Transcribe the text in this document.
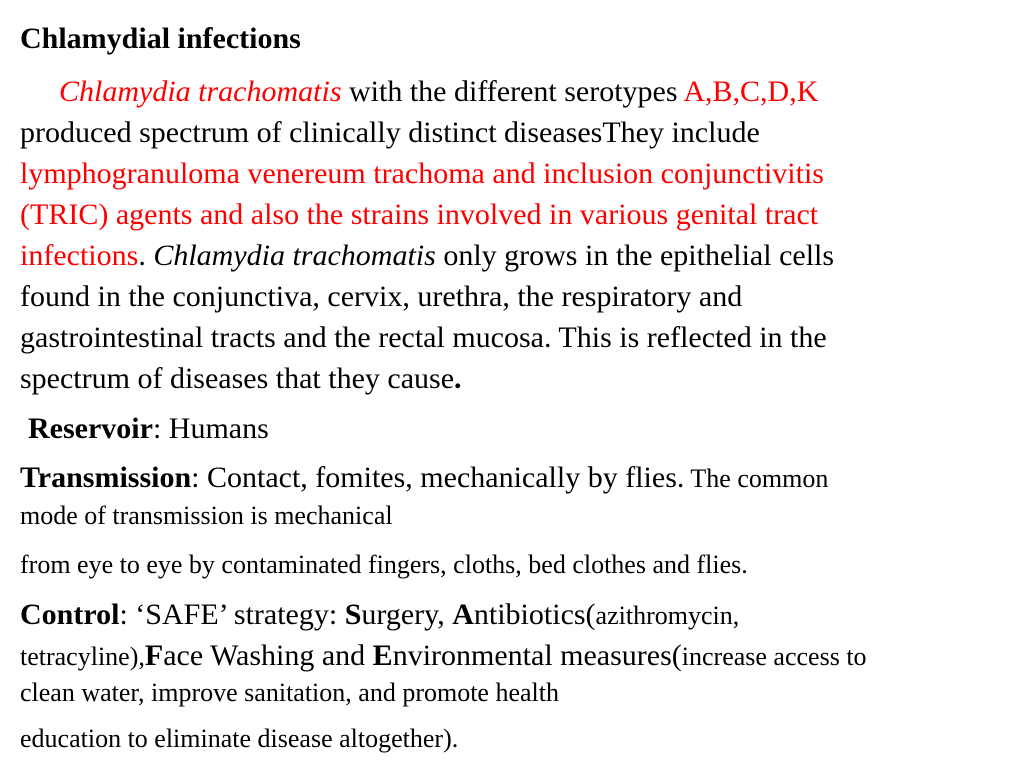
Chlamydial infections
Chlamydia trachomatis with the different serotypes A,B,C,D,K
produced spectrum of clinically distinct diseasesThey include
lymphogranuloma venereum trachoma and inclusion conjunctivitis
(TRIC) agents and also the strains involved in various genital tract
infections. Chlamydia trachomatis only grows in the epithelial cells
found in the conjunctiva, cervix, urethra, the respiratory and
gastrointestinal tracts and the rectal mucosa. This is reflected in the
spectrum of diseases that they cause.
Reservoir: Humans
Transmission: Contact, fomites, mechanically by flies. The common
mode of transmission is mechanical
from eye to eye by contaminated fingers, cloths, bed clothes and flies.
Control: ‘SAFE’ strategy: Surgery, Antibiotics(azithromycin,
tetracyline),Face Washing and Environmental measures(increase access to
clean water, improve sanitation, and promote health
education to eliminate disease altogether).
